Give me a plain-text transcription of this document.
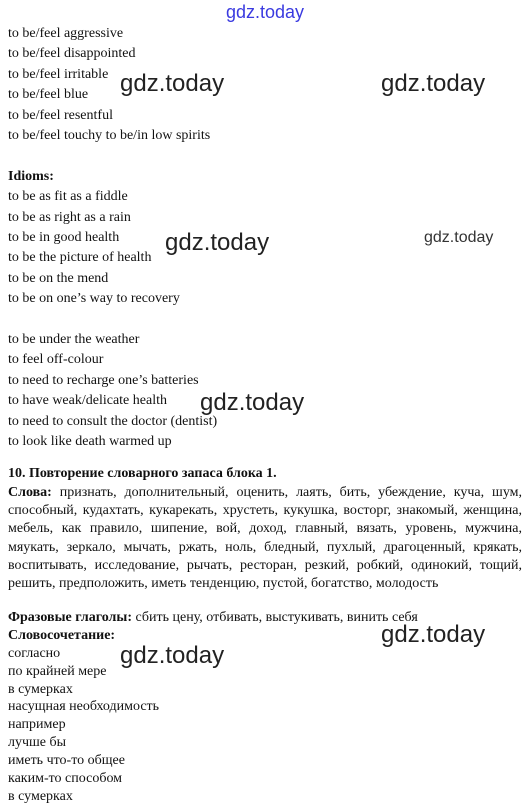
gdz.today
gdz.today	gdz.today
gdz.today	gdz.today
gdz.today
gdz.today
gdz.today
to be/feel aggressive
to be/feel disappointed
to be/feel irritable
to be/feel blue
to be/feel resentful
to be/feel touchy to be/in low spirits
Idioms:
to be as fit as a fiddle
to be as right as a rain
to be in good health
to be the picture of health
to be on the mend
to be on one’s way to recovery
to be under the weather
to feel off-colour
to need to recharge one’s batteries
to have weak/delicate health
to need to consult the doctor (dentist)
to look like death warmed up
10. Повторение словарного запаса блока 1.
Слова: признать, дополнительный, оценить, лаять, бить, убеждение, куча, шум, способный, кудахтать, кукарекать, хрустеть, кукушка, восторг, знакомый, женщина, мебель, как правило, шипение, вой, доход, главный, вязать, уровень, мужчина, мяукать, зеркало, мычать, ржать, ноль, бледный, пухлый, драгоценный, крякать, воспитывать, исследование, рычать, ресторан, резкий, робкий, одинокий, тощий, решить, предположить, иметь тенденцию, пустой, богатство, молодость
Фразовые глаголы: сбить цену, отбивать, выстукивать, винить себя
Словосочетание:
согласно
по крайней мере
в сумерках
насущная необходимость
например
лучше бы
иметь что-то общее
каким-то способом
в сумерках
